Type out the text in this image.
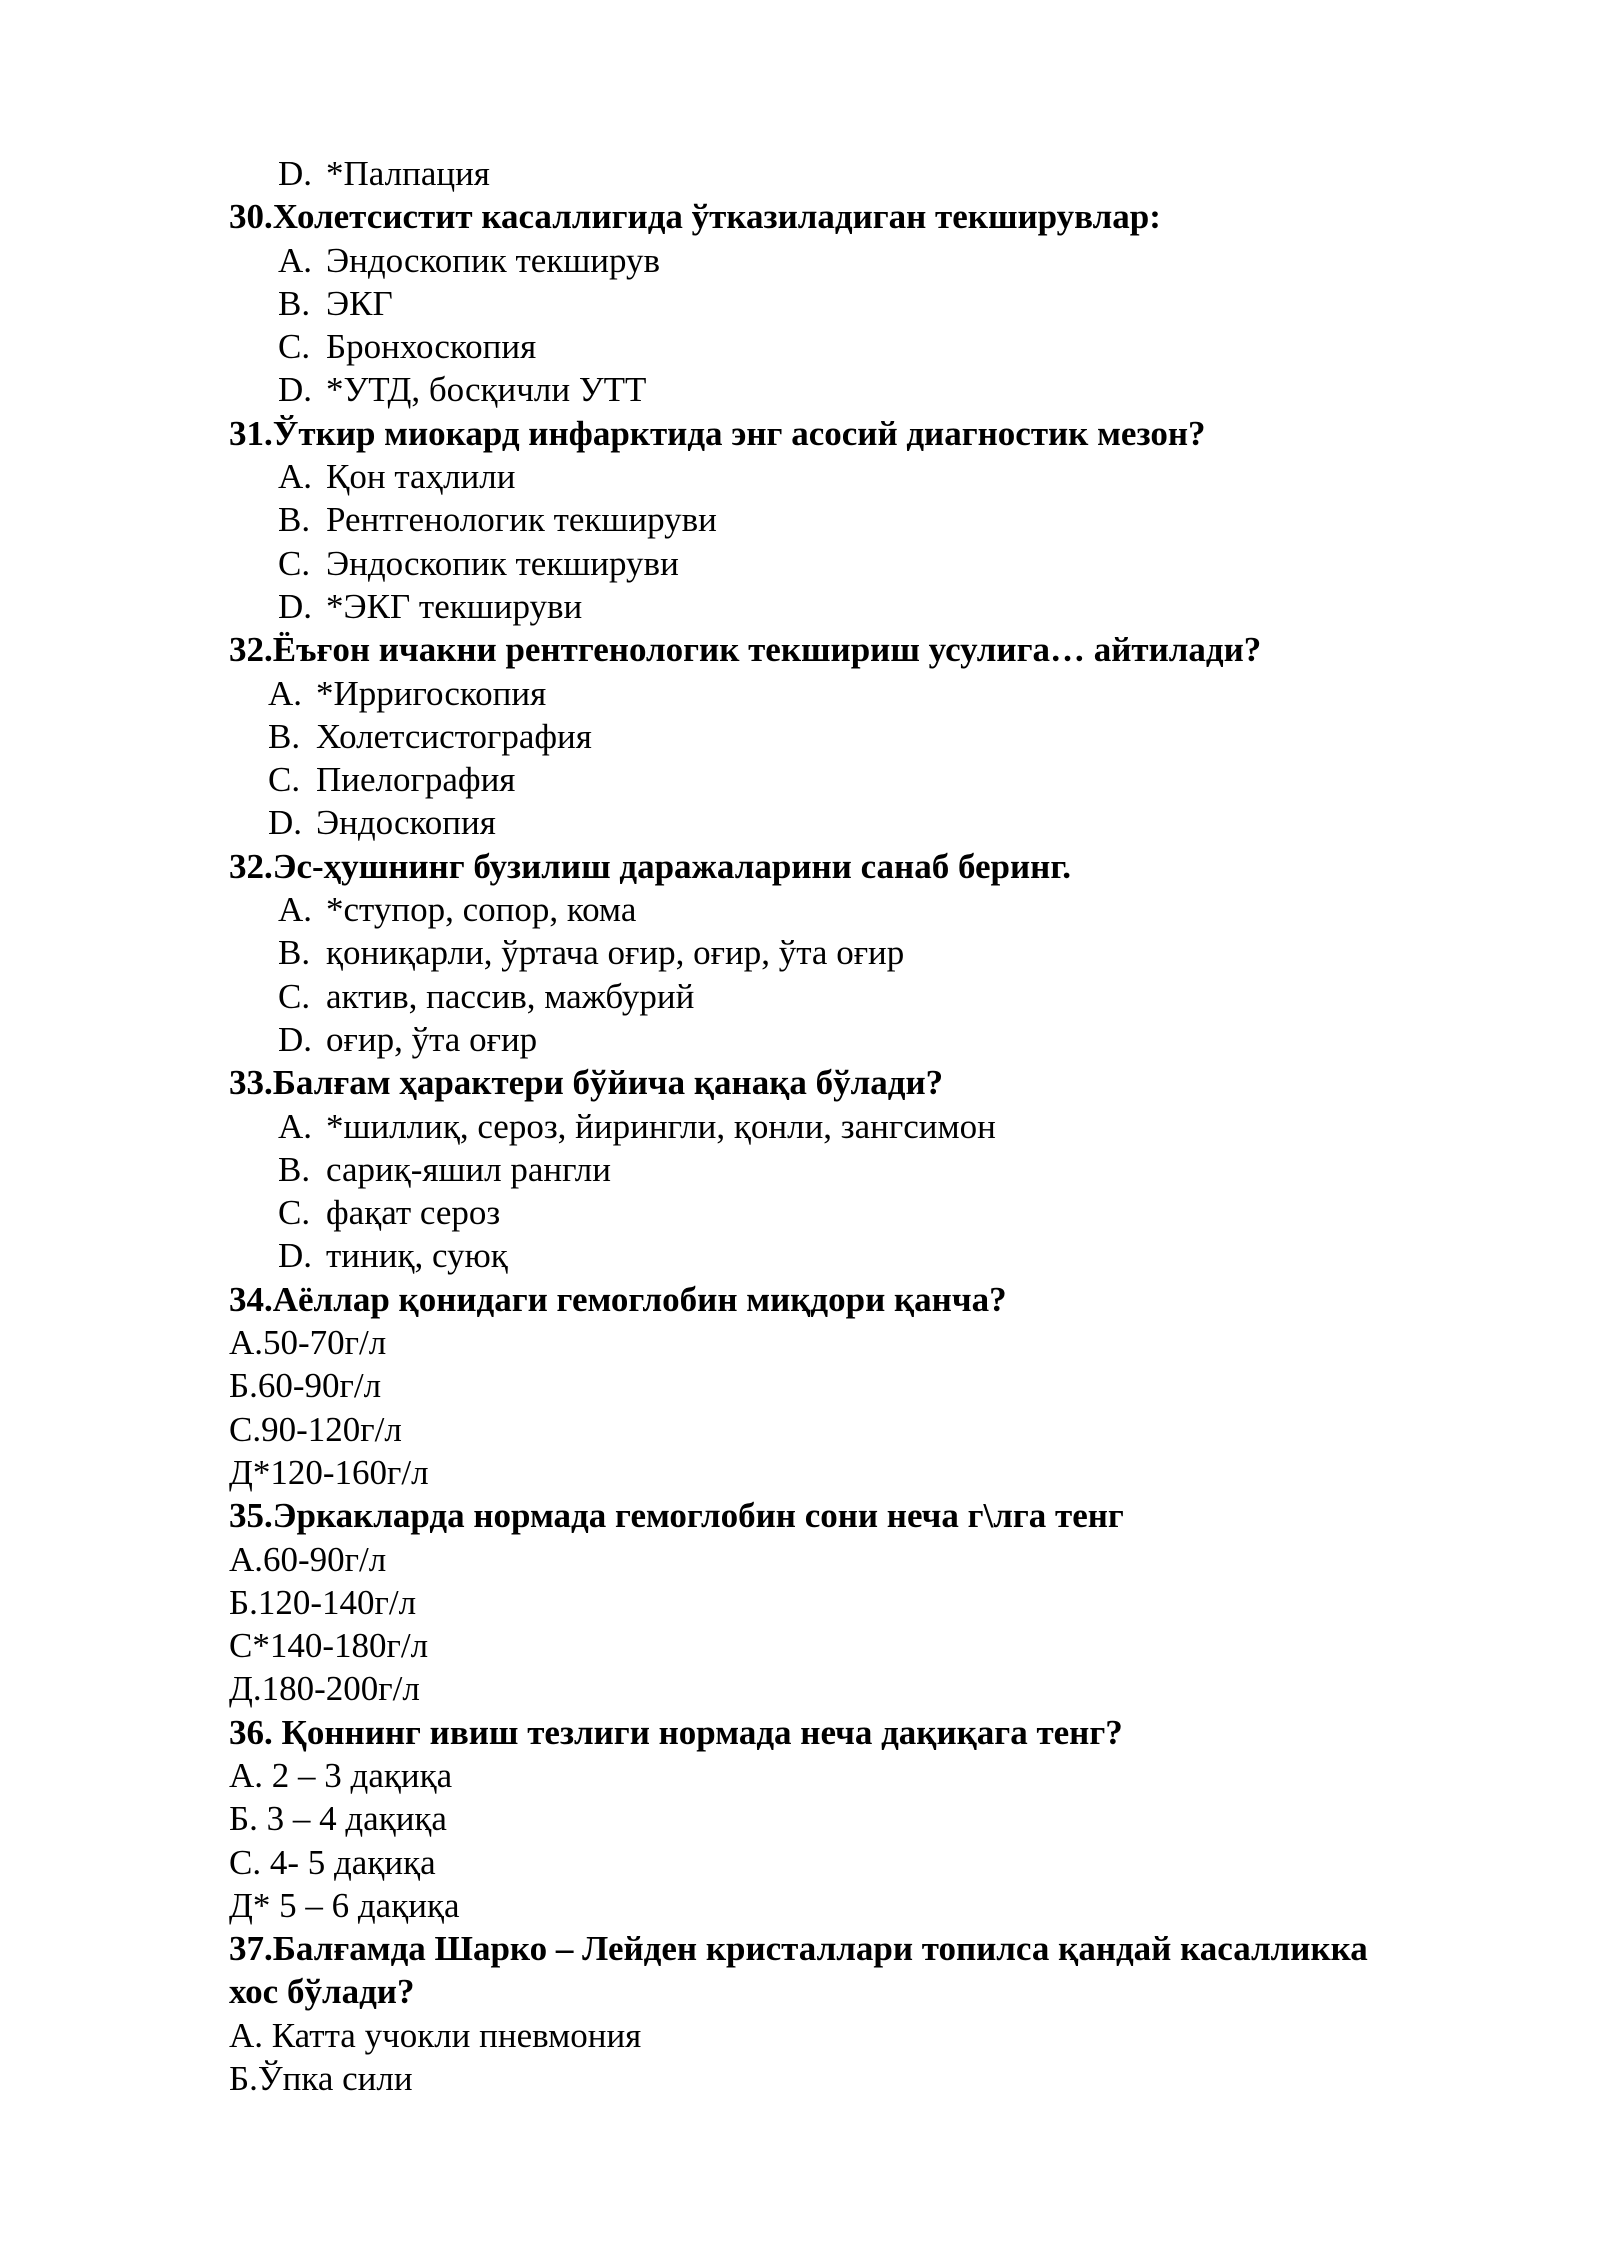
D. *Палпация
30.Холетсистит касаллигида ўтказиладиган текширувлар:
A. Эндоскопик текширув
B. ЭКГ
C. Бронхоскопия
D. *УТД, босқичли УТТ
31.Ўткир миокард инфарктида энг асосий диагностик мезон?
A. Қон таҳлили
B. Рентгенологик текшируви
C. Эндоскопик текшируви
D. *ЭКГ текшируви
32.Ёъғон ичакни рентгенологик текшириш усулига… айтилади?
A. *Ирригоскопия
B. Холетсистография
C. Пиелография
D. Эндоскопия
32.Эс-ҳушнинг бузилиш даражаларини санаб беринг.
A. *ступор, сопор, кома
B. қониқарли, ўртача оғир, оғир, ўта оғир
C. актив, пассив, мажбурий
D. оғир, ўта оғир
33.Балғам ҳарактери бўйича қанақа бўлади?
A. *шиллиқ, сероз, йирингли, қонли, зангсимон
B. сариқ-яшил рангли
C. фақат сероз
D. тиниқ, суюқ
34.Аёллар қонидаги гемоглобин миқдори қанча?
А.50-70г/л
Б.60-90г/л
С.90-120г/л
Д*120-160г/л
35.Эркакларда нормада гемоглобин сони неча г\лга тенг
А.60-90г/л
Б.120-140г/л
С*140-180г/л
Д.180-200г/л
36. Қоннинг ивиш тезлиги нормада неча дақиқага тенг?
А. 2 – 3 дақиқа
Б. 3 – 4 дақиқа
С. 4- 5 дақиқа
Д* 5 – 6 дақиқа
37.Балғамда Шарко – Лейден кристаллари топилса қандай касалликка
хос бўлади?
А. Катта учокли пневмония
Б.Ўпка сили
